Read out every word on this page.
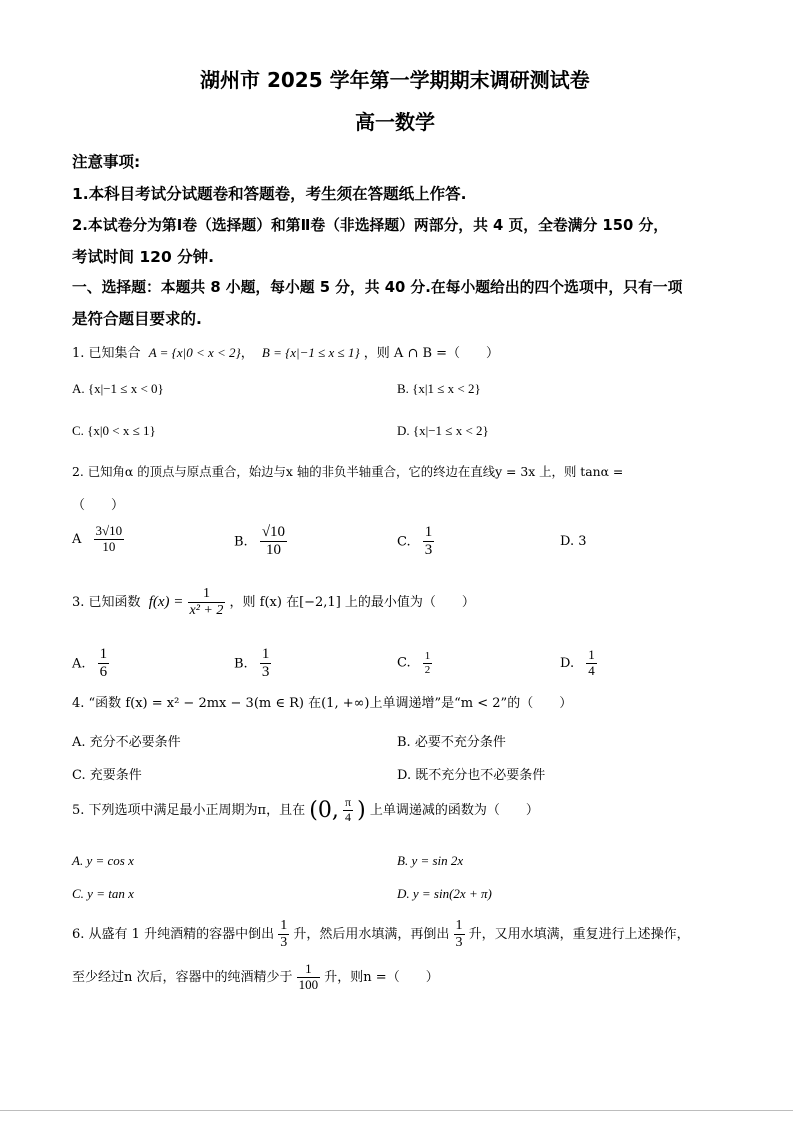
湖州市 2025 学年第一学期期末调研测试卷
高一数学
注意事项:
1.本科目考试分试题卷和答题卷，考生须在答题纸上作答.
2.本试卷分为第Ⅰ卷（选择题）和第Ⅱ卷（非选择题）两部分，共 4 页，全卷满分 150 分，
考试时间 120 分钟.
一、选择题：本题共 8 小题，每小题 5 分，共 40 分.在每小题给出的四个选项中，只有一项
是符合题目要求的.
1. 已知集合 A = {x|0 < x < 2}， B = {x|−1 ≤ x ≤ 1} ，则 A ∩ B =（　　）
A. {x|−1 ≤ x < 0}	B. {x|1 ≤ x < 2}
C. {x|0 < x ≤ 1}	D. {x|−1 ≤ x < 2}
2. 已知角α 的顶点与原点重合，始边与x 轴的非负半轴重合，它的终边在直线y = 3x 上，则 tanα =
（　　）
A $\frac{3√10}{10}$	B. $\frac{√10}{10}$	C. $\frac{1}{3}$	D. 3
3. 已知函数 $f(x) = \frac{1}{\text{x² + 2}}$ ，则 f(x) 在[−2,1] 上的最小值为（　　）
A. $\frac{1}{6}$	B. $\frac{1}{3}$	C. $\frac{1}{2}$	D. $\frac{1}{4}$
4. “函数 f(x) = x² − 2mx − 3(m ∈ R) 在(1, +∞)上单调递增”是“m < 2”的（　　）
A. 充分不必要条件	B. 必要不充分条件
C. 充要条件	D. 既不充分也不必要条件
5. 下列选项中满足最小正周期为π，且在 (0, $\frac{\pi}{4}$ ) 上单调递减的函数为（　　）
A. y = cos x	B. y = sin 2x
C. y = tan x	D. y = sin(2x + π)
6. 从盛有 1 升纯酒精的容器中倒出 $\frac{1}{3}$ 升，然后用水填满，再倒出 $\frac{1}{3}$ 升，又用水填满，重复进行上述操作，
至少经过n 次后，容器中的纯酒精少于 $\frac{1}{100}$ 升，则n =（　　）
